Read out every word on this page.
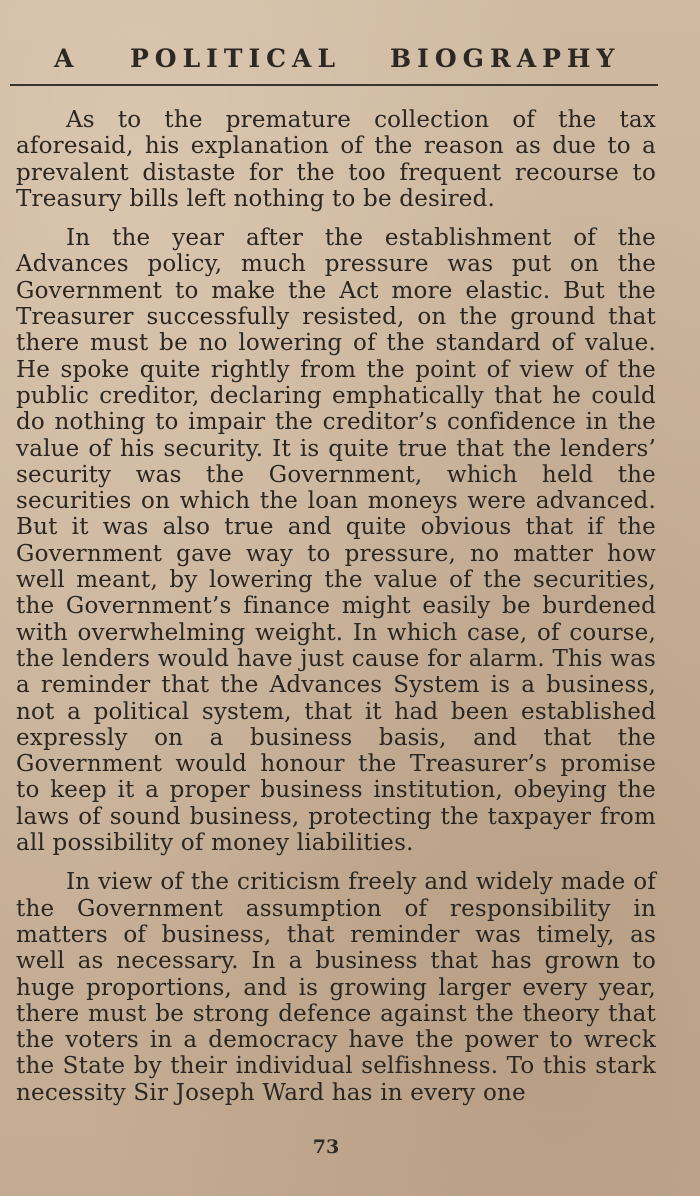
A POLITICAL BIOGRAPHY

As to the premature collection of the tax aforesaid, his explanation of the reason as due to a prevalent distaste for the too frequent recourse to Treasury bills left nothing to be desired.

In the year after the establishment of the Advances policy, much pressure was put on the Government to make the Act more elastic. But the Treasurer successfully resisted, on the ground that there must be no lowering of the standard of value. He spoke quite rightly from the point of view of the public creditor, declaring emphatically that he could do nothing to impair the creditor’s confidence in the value of his security. It is quite true that the lenders’ security was the Government, which held the securities on which the loan moneys were advanced. But it was also true and quite obvious that if the Government gave way to pressure, no matter how well meant, by lowering the value of the securities, the Government’s finance might easily be burdened with overwhelming weight. In which case, of course, the lenders would have just cause for alarm. This was a reminder that the Advances System is a business, not a political system, that it had been established expressly on a business basis, and that the Government would honour the Treasurer’s promise to keep it a proper business institution, obeying the laws of sound business, protecting the taxpayer from all possibility of money liabilities.

In view of the criticism freely and widely made of the Government assumption of responsibility in matters of business, that reminder was timely, as well as necessary. In a business that has grown to huge proportions, and is growing larger every year, there must be strong defence against the theory that the voters in a democracy have the power to wreck the State by their individual selfishness. To this stark necessity Sir Joseph Ward has in every one

73
